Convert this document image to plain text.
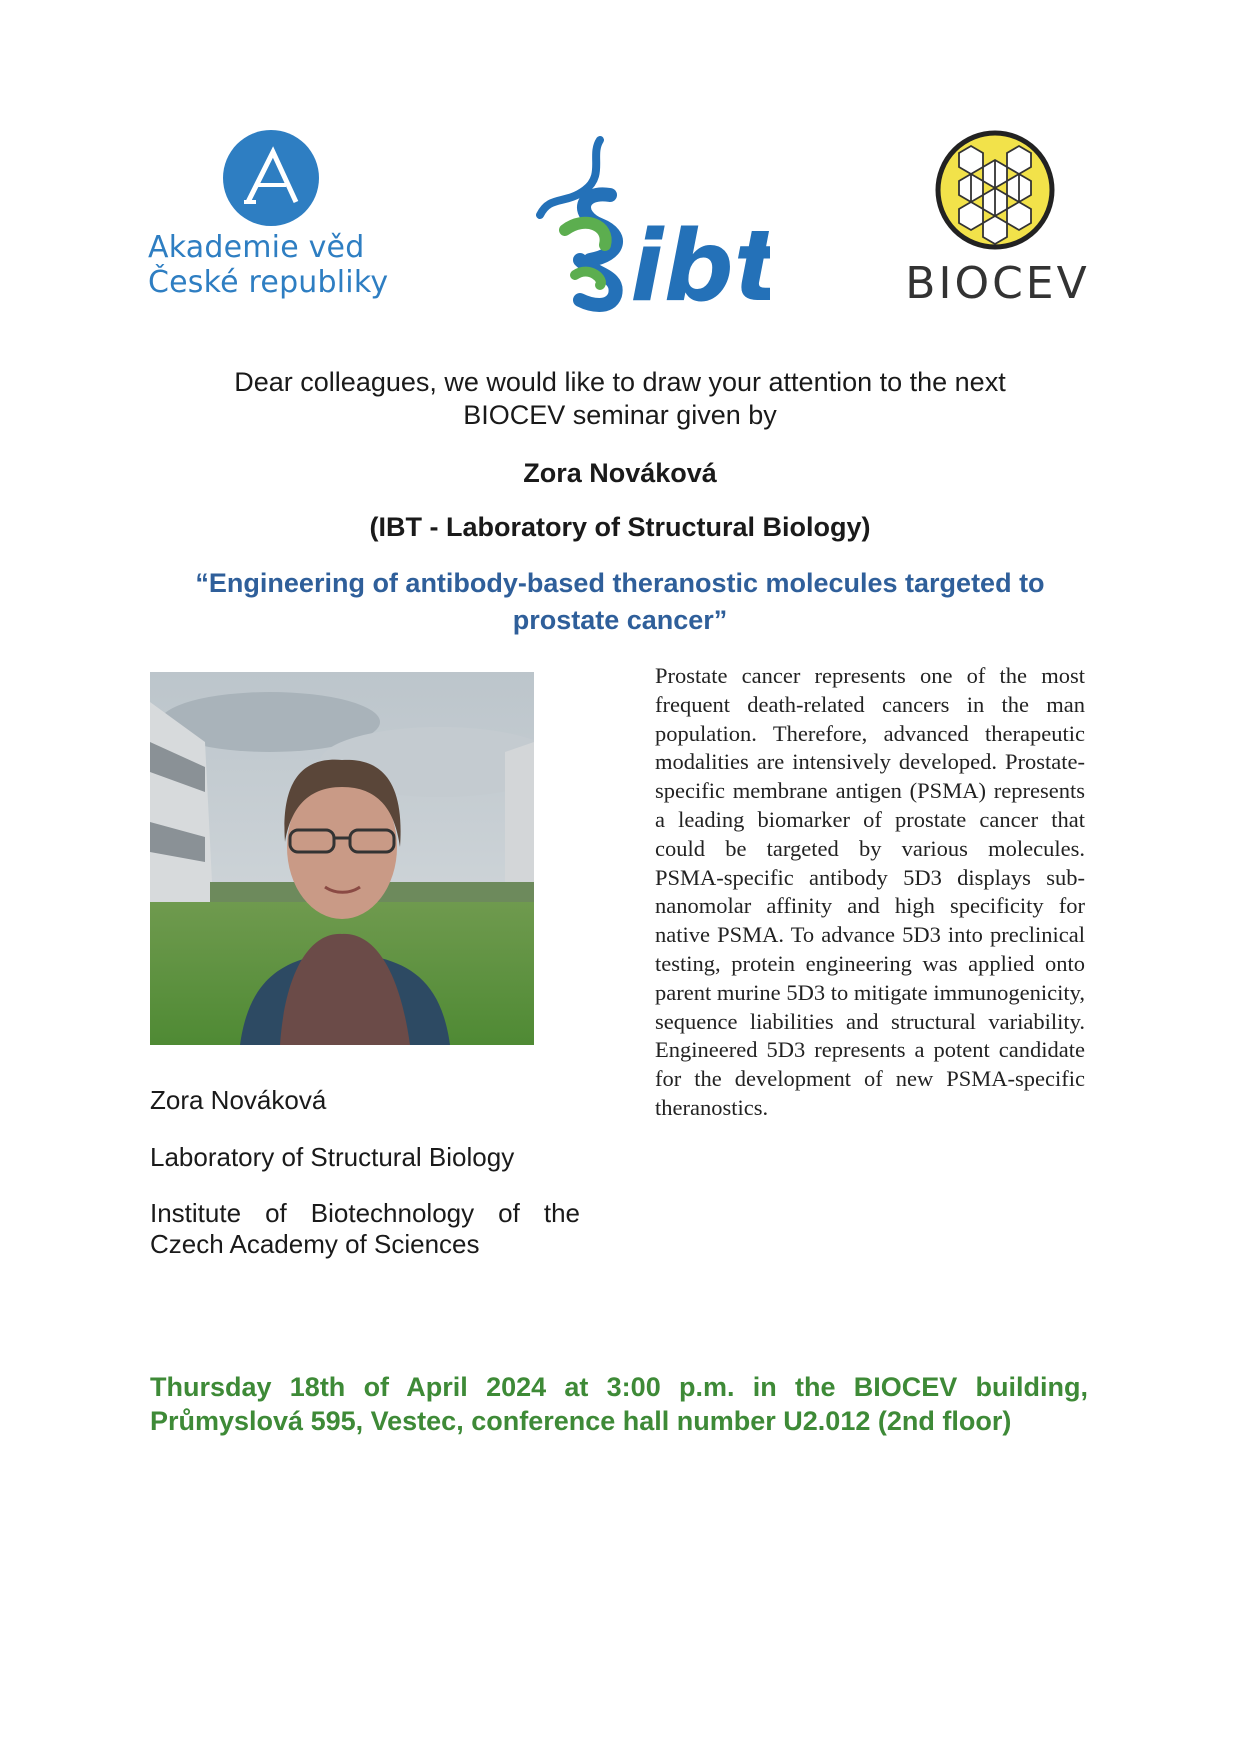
Akademie věd
České republiky ibt	BIOCEV
Dear colleagues, we would like to draw your attention to the next
BIOCEV seminar given by
Zora Nováková
(IBT - Laboratory of Structural Biology)
“Engineering of antibody-based theranostic molecules targeted to
prostate cancer”
Prostate cancer represents one of the most frequent death-related cancers in the man population. Therefore, advanced therapeutic modalities are intensively developed. Prostate-specific membrane antigen (PSMA) represents a leading biomarker of prostate cancer that could be targeted by various molecules. PSMA-specific antibody 5D3 displays sub-nanomolar affinity and high specificity for native PSMA. To advance 5D3 into preclinical testing, protein engineering was applied onto parent murine 5D3 to mitigate immunogenicity, sequence liabilities and structural variability. Engineered 5D3 represents a potent candidate for the development of new PSMA-specific theranostics.
Zora Nováková
Laboratory of Structural Biology
Institute of Biotechnology of the Czech Academy of Sciences
Thursday 18th of April 2024 at 3:00 p.m. in the BIOCEV building, Průmyslová 595, Vestec, conference hall number U2.012 (2nd floor)
